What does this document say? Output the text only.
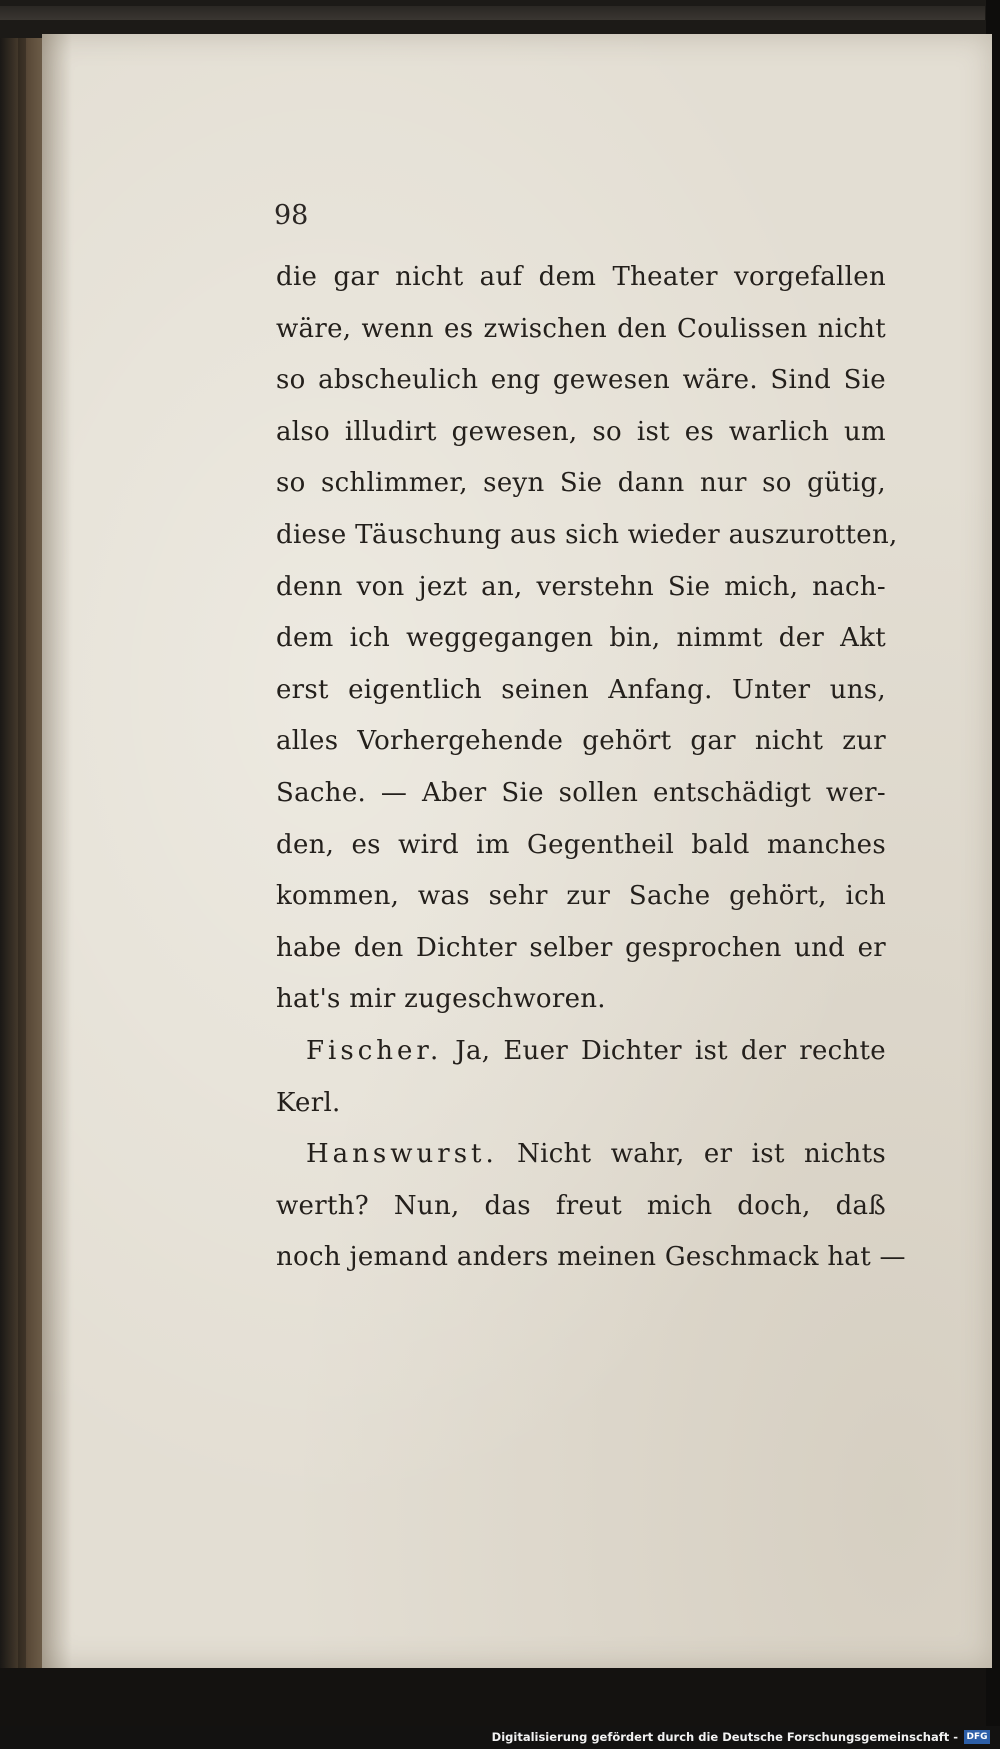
98
die gar nicht auf dem Theater vorgefallen
wäre, wenn es zwischen den Coulissen nicht
so abscheulich eng gewesen wäre. Sind Sie
also illudirt gewesen, so ist es warlich um
so schlimmer, seyn Sie dann nur so gütig,
diese Täuschung aus sich wieder auszurotten,
denn von jezt an, verstehn Sie mich, nach-
dem ich weggegangen bin, nimmt der Akt
erst eigentlich seinen Anfang. Unter uns,
alles Vorhergehende gehört gar nicht zur
Sache. — Aber Sie sollen entschädigt wer-
den, es wird im Gegentheil bald manches
kommen, was sehr zur Sache gehört, ich
habe den Dichter selber gesprochen und er
hat's mir zugeschworen.
Fischer. Ja, Euer Dichter ist der rechte
Kerl.
Hanswurst. Nicht wahr, er ist nichts
werth? Nun, das freut mich doch, daß
noch jemand anders meinen Geschmack hat —
Digitalisierung gefördert durch die Deutsche Forschungsgemeinschaft - DFG
